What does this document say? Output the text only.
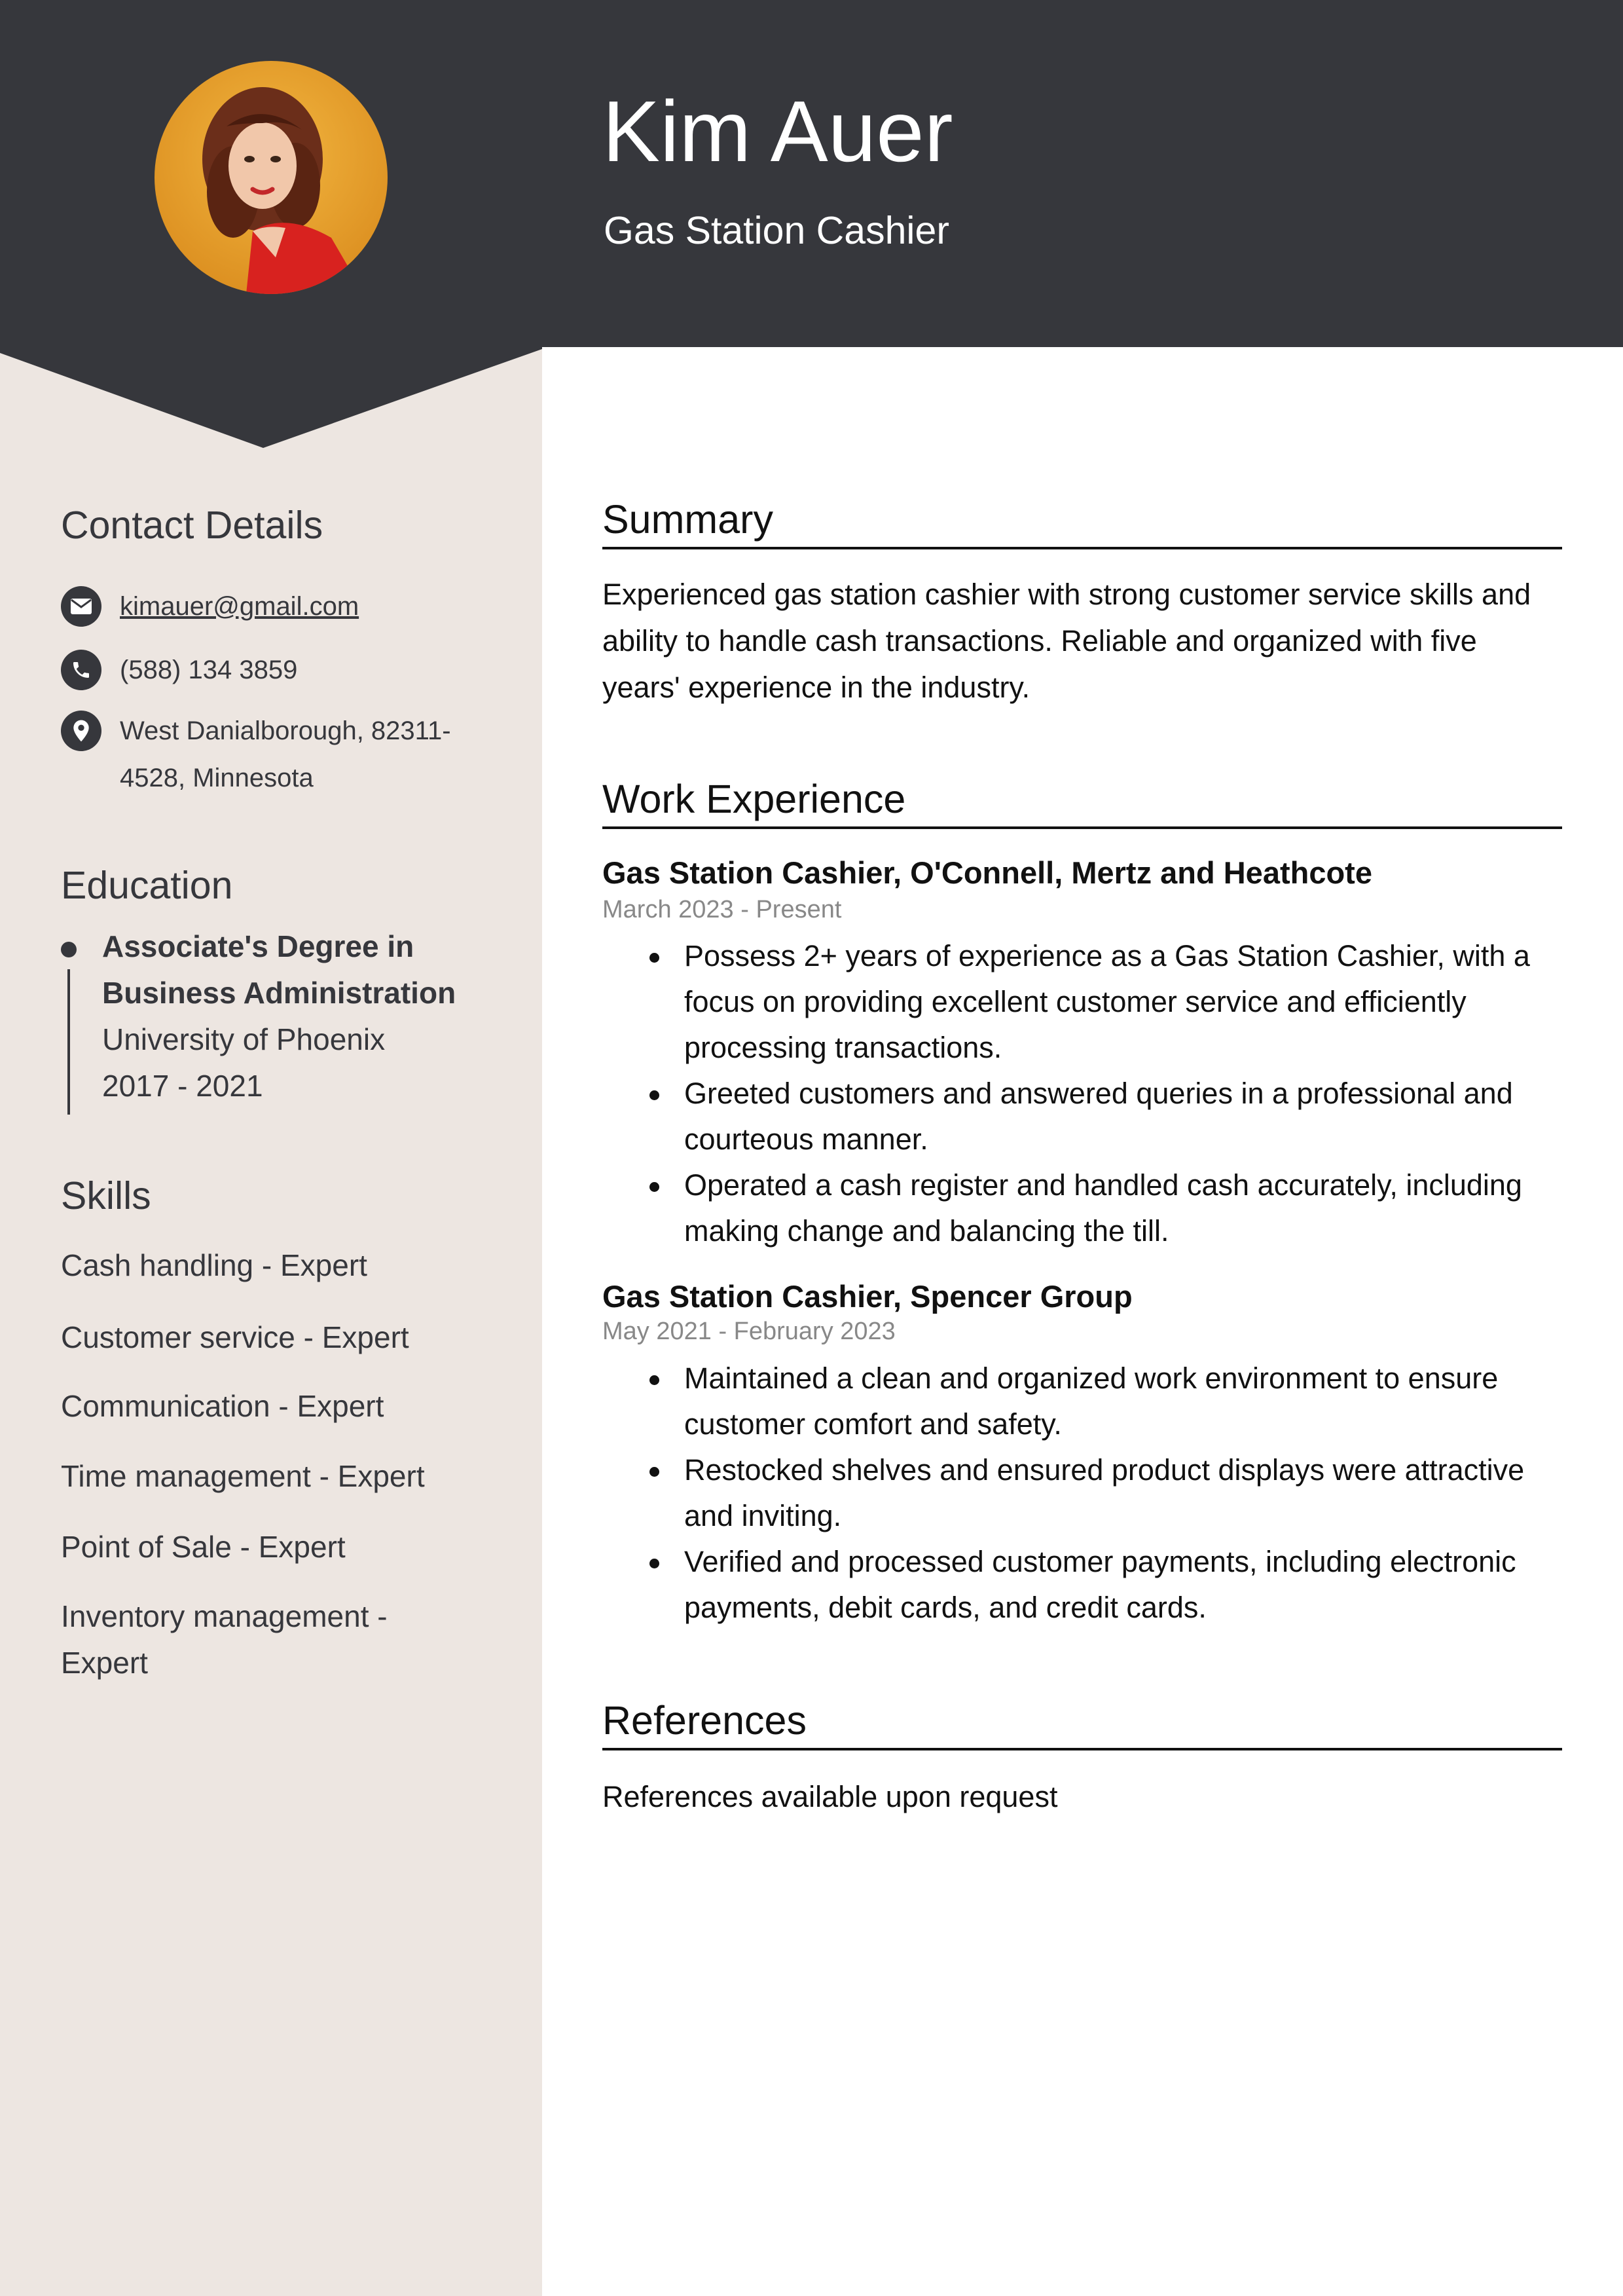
Kim Auer
Gas Station Cashier
Contact Details
kimauer@gmail.com
(588) 134 3859
West Danialborough, 82311-
4528, Minnesota
Education
Associate's Degree in
Business Administration
University of Phoenix
2017 - 2021
Skills
Cash handling - Expert
Customer service - Expert
Communication - Expert
Time management - Expert
Point of Sale - Expert
Inventory management -
Expert
Summary
Experienced gas station cashier with strong customer service skills and
ability to handle cash transactions. Reliable and organized with five
years' experience in the industry.
Work Experience
Gas Station Cashier, O'Connell, Mertz and Heathcote
March 2023 - Present
Possess 2+ years of experience as a Gas Station Cashier, with a
focus on providing excellent customer service and efficiently
processing transactions.
Greeted customers and answered queries in a professional and
courteous manner.
Operated a cash register and handled cash accurately, including
making change and balancing the till.
Gas Station Cashier, Spencer Group
May 2021 - February 2023
Maintained a clean and organized work environment to ensure
customer comfort and safety.
Restocked shelves and ensured product displays were attractive
and inviting.
Verified and processed customer payments, including electronic
payments, debit cards, and credit cards.
References
References available upon request
